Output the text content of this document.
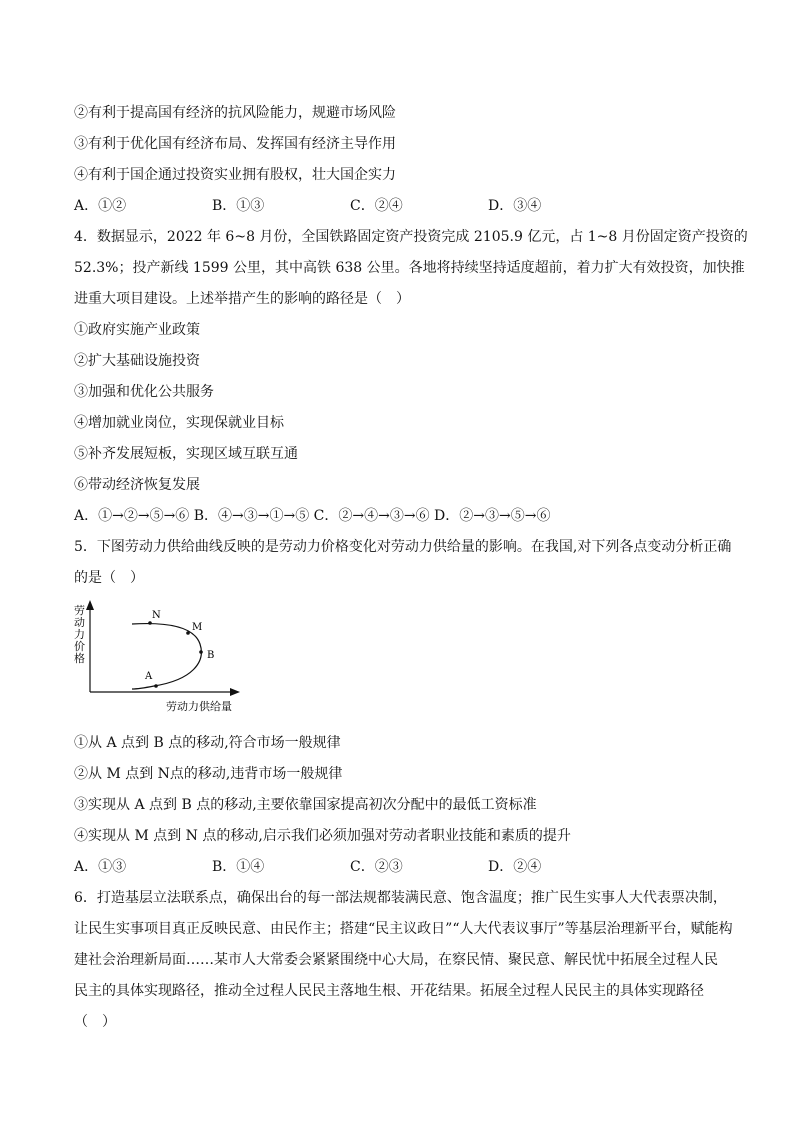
②有利于提高国有经济的抗风险能力，规避市场风险
③有利于优化国有经济布局、发挥国有经济主导作用
④有利于国企通过投资实业拥有股权，壮大国企实力
A．①②	B．①③	C．②④	D．③④
4．数据显示，2022 年 6~8 月份，全国铁路固定资产投资完成 2105.9 亿元，占 1~8 月份固定资产投资的
52.3%；投产新线 1599 公里，其中高铁 638 公里。各地将持续坚持适度超前，着力扩大有效投资，加快推
进重大项目建设。上述举措产生的影响的路径是（　）
①政府实施产业政策
②扩大基础设施投资
③加强和优化公共服务
④增加就业岗位，实现保就业目标
⑤补齐发展短板，实现区域互联互通
⑥带动经济恢复发展
A．①→②→⑤→⑥ B．④→③→①→⑤ C．②→④→③→⑥ D．②→③→⑤→⑥
5．下图劳动力供给曲线反映的是劳动力价格变化对劳动力供给量的影响。在我国,对下列各点变动分析正确
的是（　）
劳
动
力
价
格
劳动力供给量
N
M
B
A
①从 A 点到 B 点的移动,符合市场一般规律
②从 M 点到 N点的移动,违背市场一般规律
③实现从 A 点到 B 点的移动,主要依靠国家提高初次分配中的最低工资标准
④实现从 M 点到 N 点的移动,启示我们必须加强对劳动者职业技能和素质的提升
A．①③	B．①④	C．②③	D．②④
6．打造基层立法联系点，确保出台的每一部法规都装满民意、饱含温度；推广民生实事人大代表票决制，
让民生实事项目真正反映民意、由民作主；搭建“民主议政日”“人大代表议事厅”等基层治理新平台，赋能构
建社会治理新局面……某市人大常委会紧紧围绕中心大局，在察民情、聚民意、解民忧中拓展全过程人民
民主的具体实现路径，推动全过程人民民主落地生根、开花结果。拓展全过程人民民主的具体实现路径
（　）
